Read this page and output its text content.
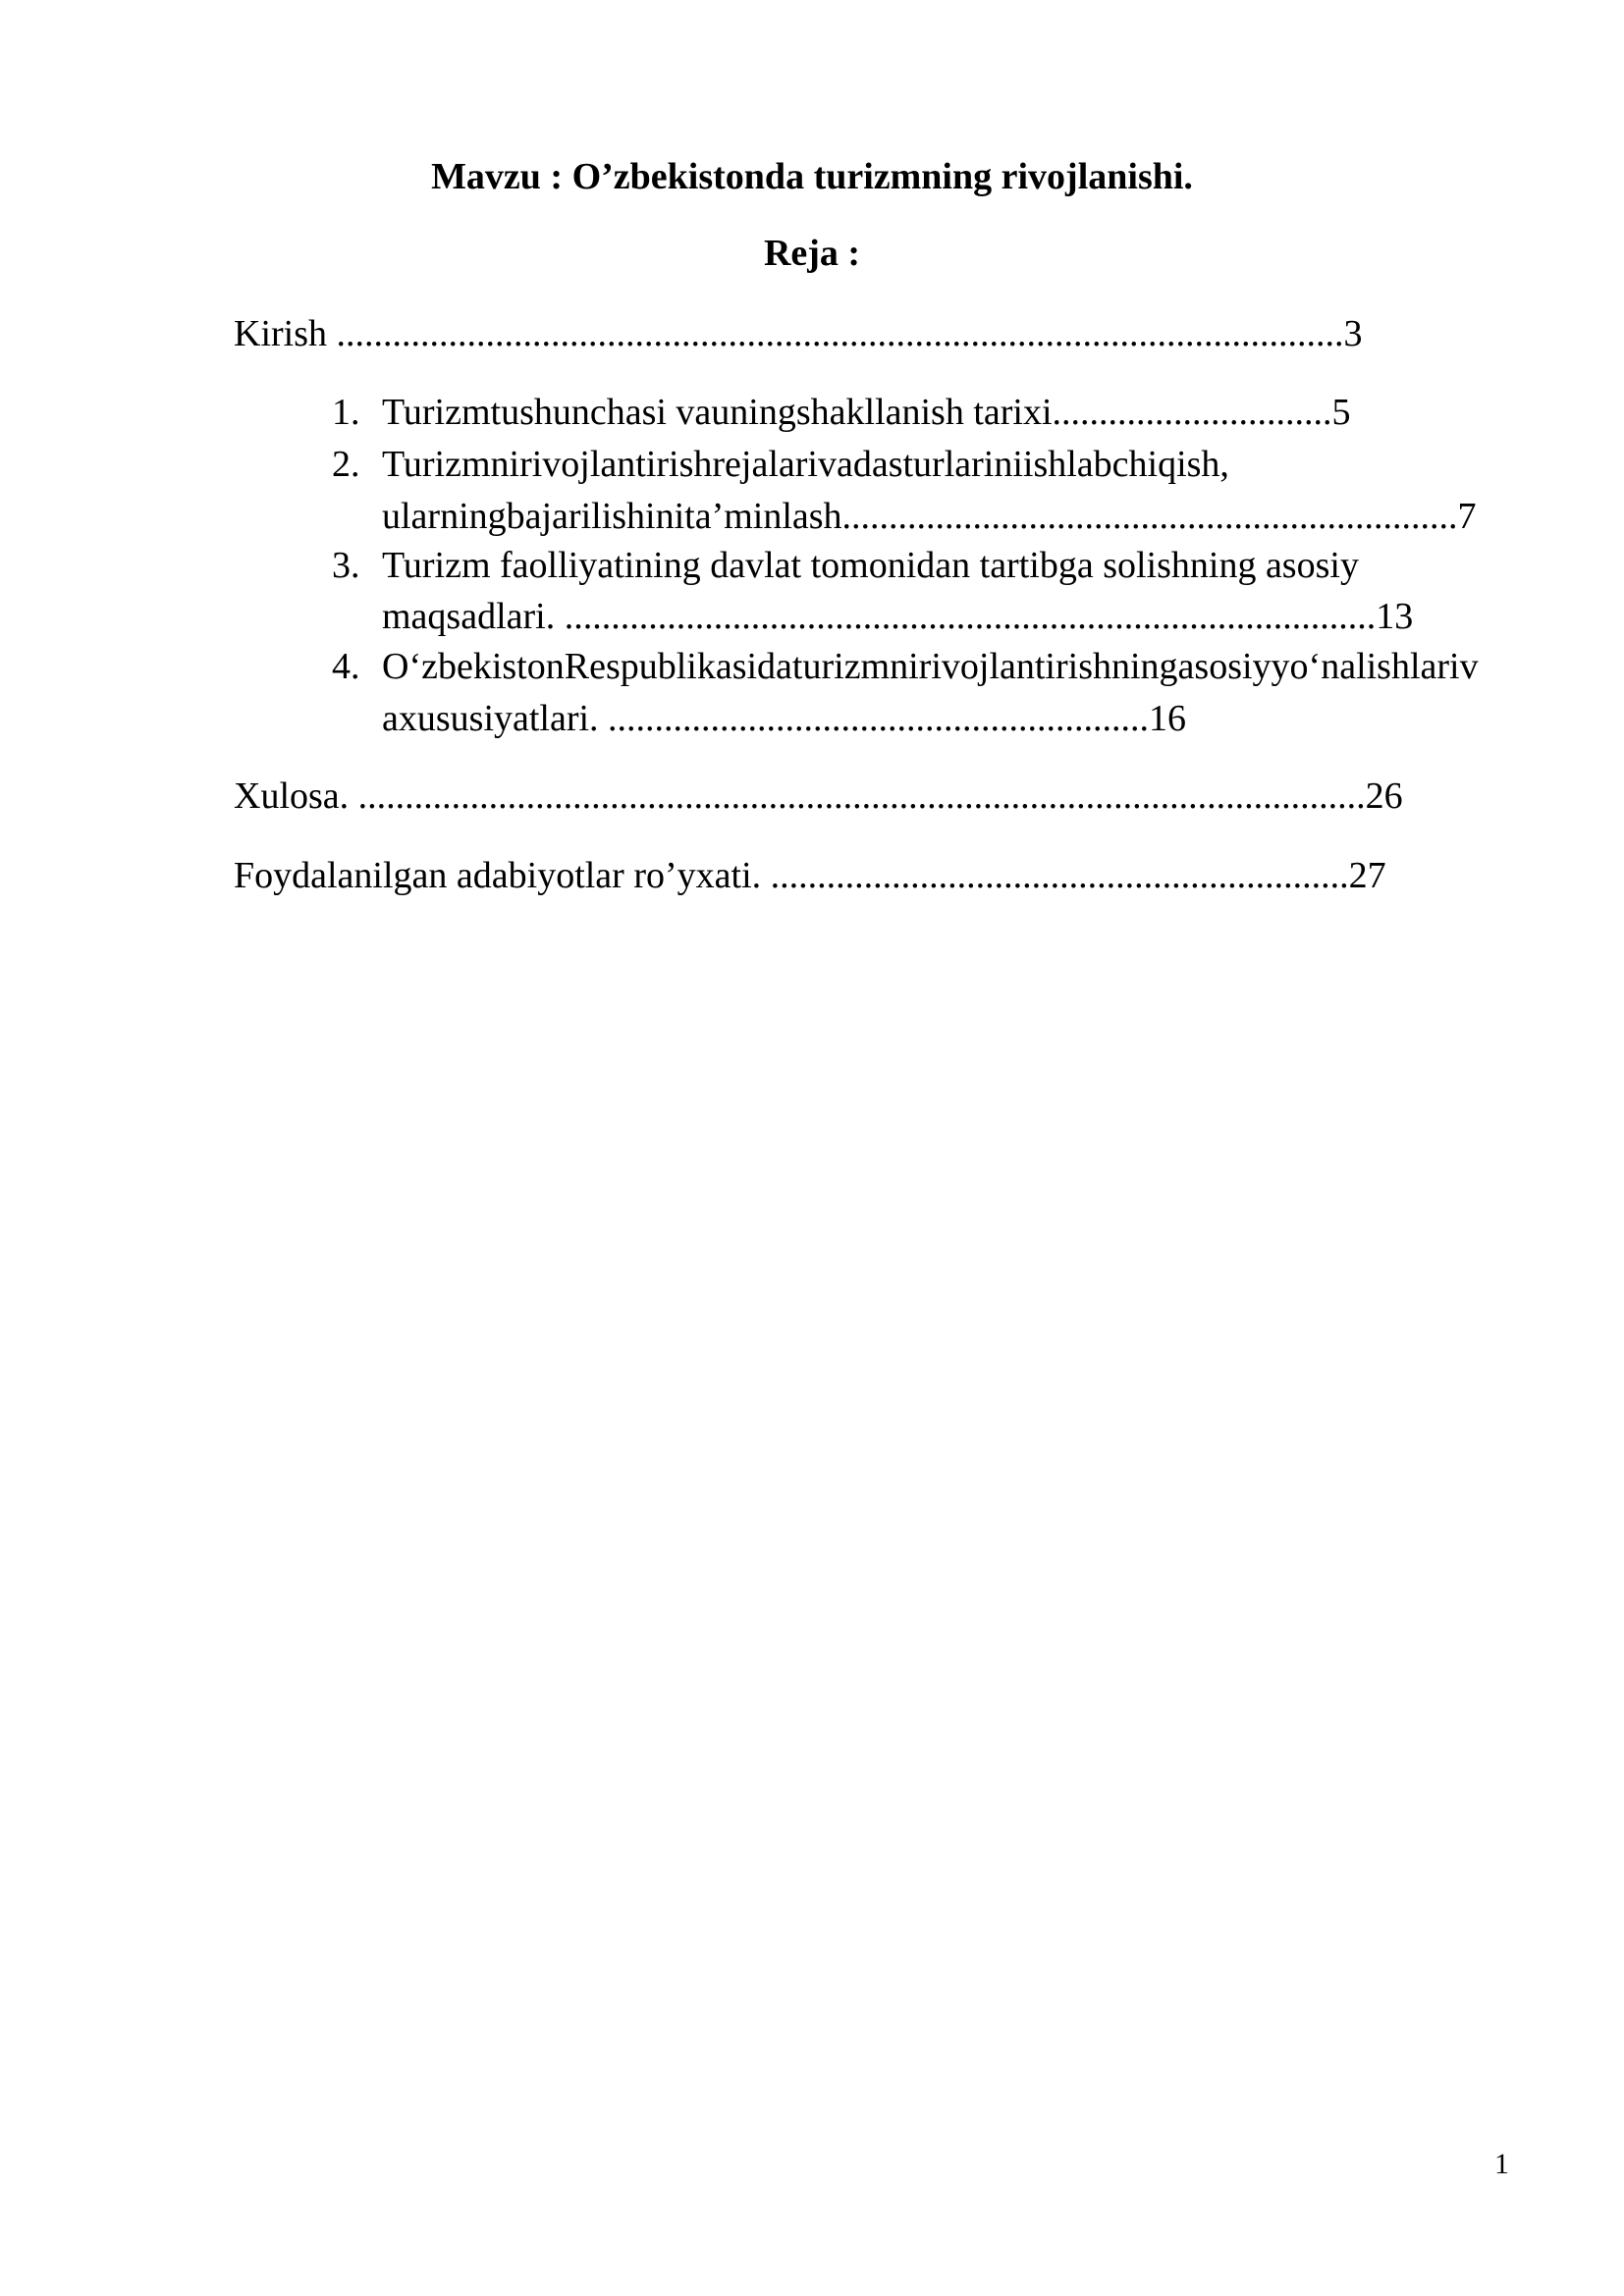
Mavzu : O’zbekistonda turizmning rivojlanishi.
Reja :
Kirish ............................................................................................................3
1. Turizmtushunchasi vauningshakllanish tarixi..............................5
2. Turizmnirivojlantirishrejalarivadasturlariniishlabchiqish,
ularningbajarilishinita’minlash..................................................................7
3. Turizm faolliyatining davlat tomonidan tartibga solishning asosiy
maqsadlari. .......................................................................................13
4. O‘zbekistonRespublikasidaturizmnirivojlantirishningasosiyyo‘nalishlariv
axususiyatlari. ..........................................................16
Xulosa. ............................................................................................................26
Foydalanilgan adabiyotlar ro’yxati. ..............................................................27
1
